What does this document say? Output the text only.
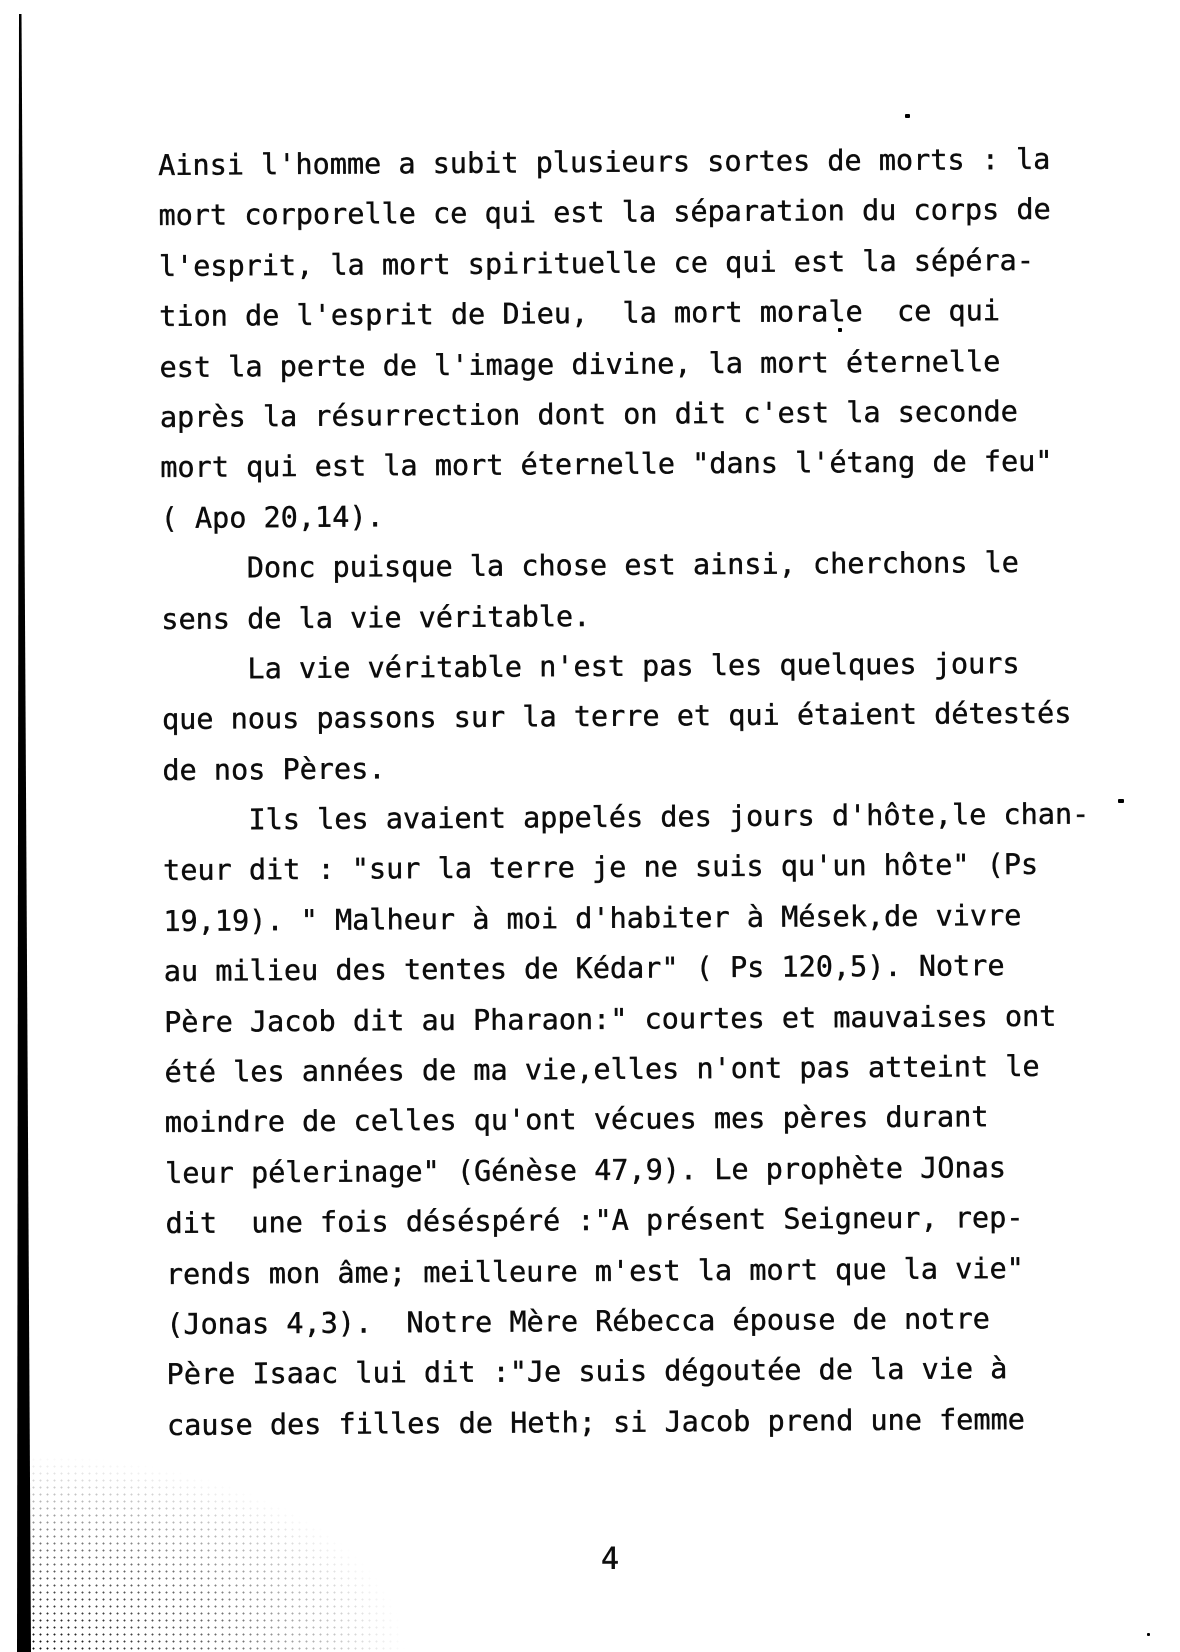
Ainsi l'homme a subit plusieurs sortes de morts : la
mort corporelle ce qui est la séparation du corps de
l'esprit, la mort spirituelle ce qui est la sépéra-
tion de l'esprit de Dieu,  la mort morale  ce qui
est la perte de l'image divine, la mort éternelle
après la résurrection dont on dit c'est la seconde
mort qui est la mort éternelle "dans l'étang de feu"
( Apo 20,14).
Donc puisque la chose est ainsi, cherchons le
sens de la vie véritable.
La vie véritable n'est pas les quelques jours
que nous passons sur la terre et qui étaient détestés
de nos Pères.
Ils les avaient appelés des jours d'hôte,le chan-
teur dit : "sur la terre je ne suis qu'un hôte" (Ps
19,19). " Malheur à moi d'habiter à Mések,de vivre
au milieu des tentes de Kédar" ( Ps 120,5). Notre
Père Jacob dit au Pharaon:" courtes et mauvaises ont
été les années de ma vie,elles n'ont pas atteint le
moindre de celles qu'ont vécues mes pères durant
leur pélerinage" (Génèse 47,9). Le prophète JOnas
dit  une fois déséspéré :"A présent Seigneur, rep-
rends mon âme; meilleure m'est la mort que la vie"
(Jonas 4,3).  Notre Mère Rébecca épouse de notre
Père Isaac lui dit :"Je suis dégoutée de la vie à
cause des filles de Heth; si Jacob prend une femme
4
